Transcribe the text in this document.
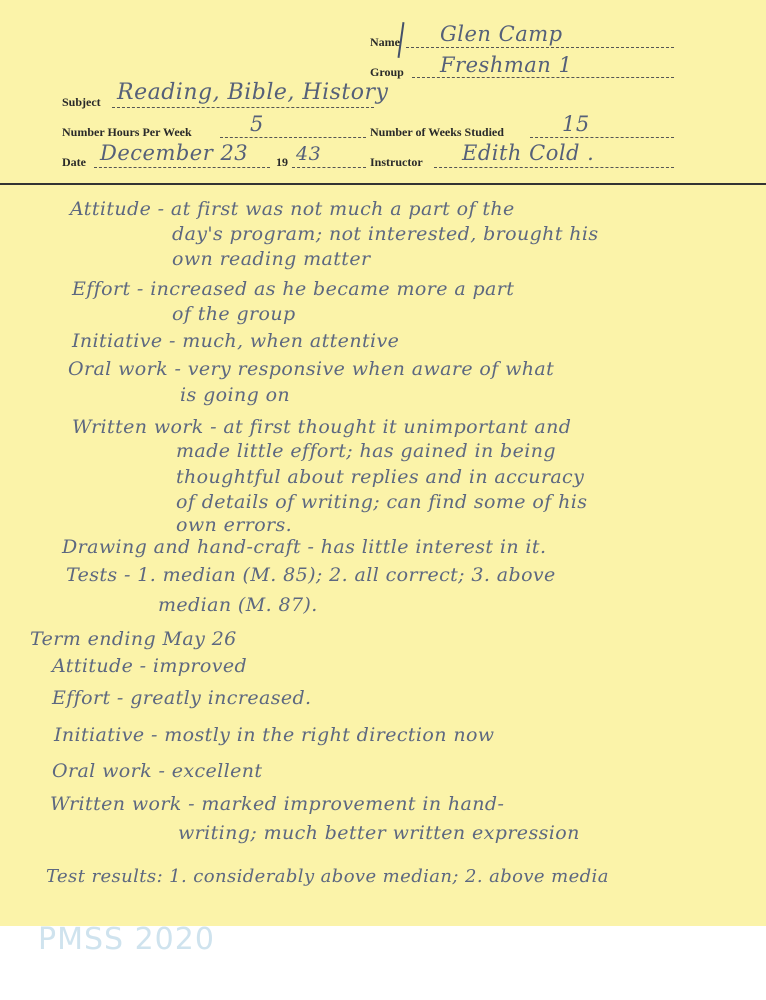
Name Glen Camp
Group Freshman 1
Subject Reading, Bible, History
Number Hours Per Week	5	Number of Weeks Studied	15
Date December 23 19 43	Instructor Edith Cold .
Attitude - at first was not much a part of the
day's program; not interested, brought his
own reading matter
Effort - increased as he became more a part
of the group
Initiative - much, when attentive
Oral work - very responsive when aware of what
is going on
Written work - at first thought it unimportant and
made little effort; has gained in being
thoughtful about replies and in accuracy
of details of writing; can find some of his
own errors.
Drawing and hand-craft - has little interest in it.
Tests - 1. median (M. 85); 2. all correct; 3. above
median (M. 87).
Term ending May 26
Attitude - improved
Effort - greatly increased.
Initiative - mostly in the right direction now
Oral work - excellent
Written work - marked improvement in hand-
writing; much better written expression
Test results: 1. considerably above median; 2. above media
PMSS 2020
